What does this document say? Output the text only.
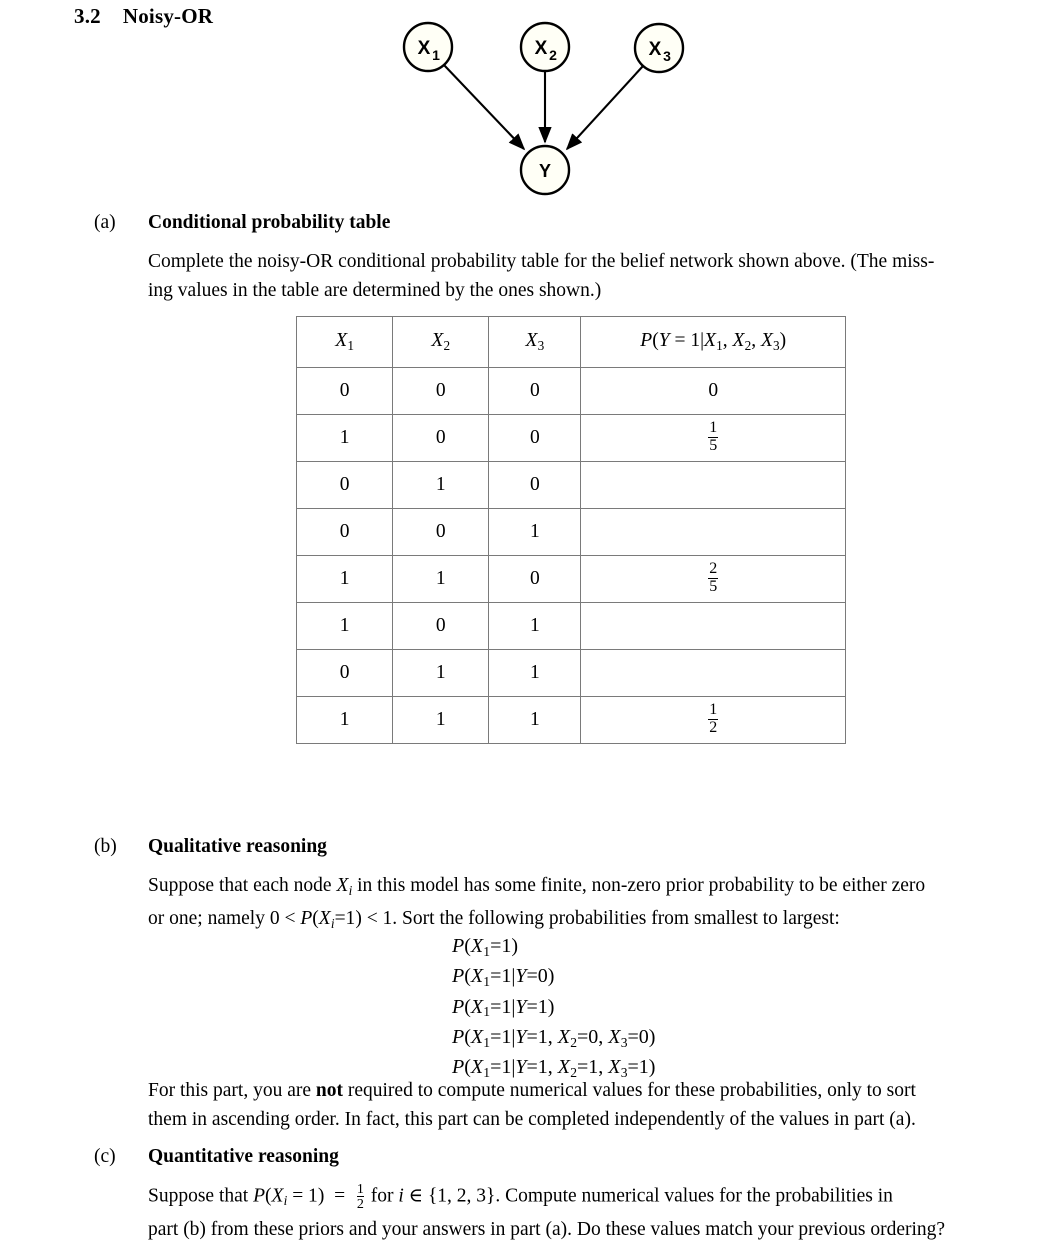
3.2 Noisy-OR
X 1	X 2	X 3
Y
(a)	Conditional probability table

Complete the noisy-OR conditional probability table for the belief network shown above. (The miss-

ing values in the table are determined by the ones shown.)

$X_1$	$X_2$	$X_3$	$P(Y = 1|X_1$, $X_2$, $X_3$)
0	0	0	0
1	0	0	$\frac{1}{5}$

0	1	0	
0	0	1	
1	1	0	$\frac{2}{5}$

1	0	1	
0	1	1	
1	1	1	$\frac{1}{2}$
(b)	Qualitative reasoning

Suppose that each node $X_i$ in this model has some finite, non-zero prior probability to be either zero

or one; namely $0 < P(X_i=1) < 1$. Sort the following probabilities from smallest to largest:

$P(X_1=1)$
$P(X_1=1|Y=0)$
$P(X_1=1|Y=1)$
$P(X_1=1|Y=1$, $X_2=0$, $X_3=0$)
$P(X_1=1|Y=1$, $X_2=1$, $X_3=1$)

For this part, you are not required to compute numerical values for these probabilities, only to sort

them in ascending order. In fact, this part can be completed independently of the values in part (a).

(c)	Quantitative reasoning

Suppose that $P(X_i = 1) = \frac{1}{2}$ for i ∈ {1, 2, 3}. Compute numerical values for the probabilities in

part (b) from these priors and your answers in part (a). Do these values match your previous ordering?
